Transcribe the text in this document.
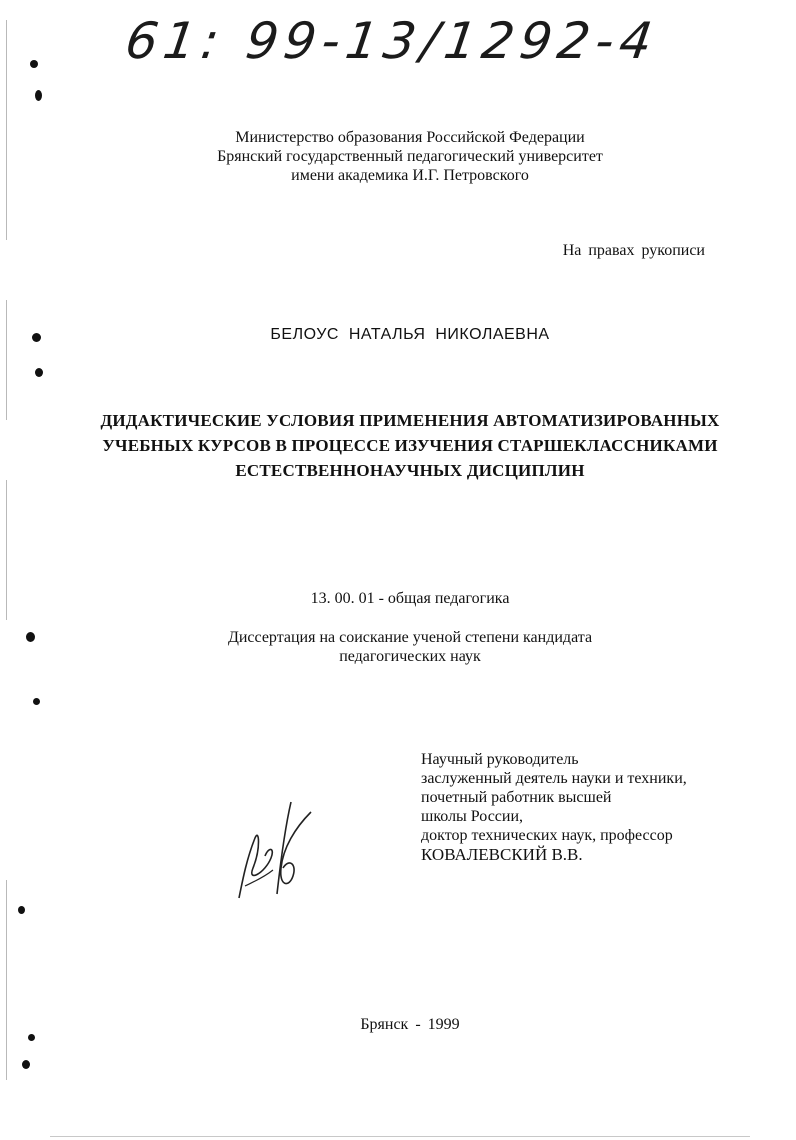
61: 99-13/1292-4
Министерство образования Российской Федерации
Брянский государственный педагогический университет
имени академика И.Г. Петровского
На правах рукописи
БЕЛОУС НАТАЛЬЯ НИКОЛАЕВНА
ДИДАКТИЧЕСКИЕ УСЛОВИЯ ПРИМЕНЕНИЯ АВТОМАТИЗИРОВАННЫХ
УЧЕБНЫХ КУРСОВ В ПРОЦЕССЕ ИЗУЧЕНИЯ СТАРШЕКЛАССНИКАМИ
ЕСТЕСТВЕННОНАУЧНЫХ ДИСЦИПЛИН
13. 00. 01 - общая педагогика
Диссертация на соискание ученой степени кандидата
педагогических наук
Научный руководитель
заслуженный деятель науки и техники,
почетный работник высшей
школы России,
доктор технических наук, профессор
КОВАЛЕВСКИЙ В.В.
Брянск - 1999
